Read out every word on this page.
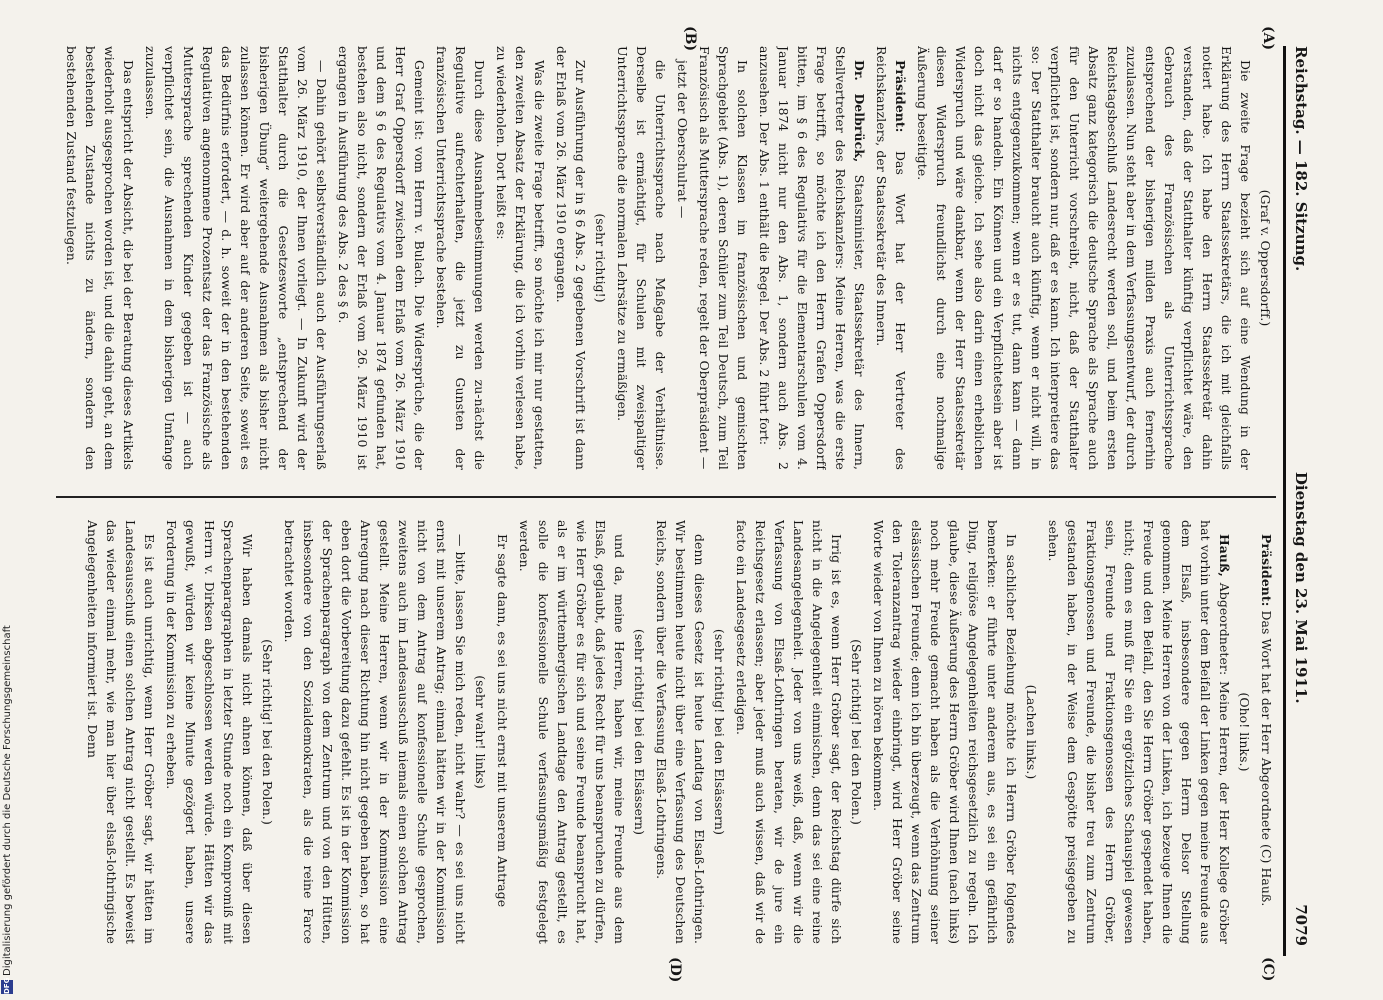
Reichstag. — 182. Sitzung.
Dienstag den 23. Mai 1911.
7079
(A)
(B)
(C)
(D)

(Graf v. Oppersdorff.)

Die zweite Frage bezieht sich auf eine Wendung in der Erklärung des Herrn Staatssekretärs, die ich mit gleichfalls notiert habe. Ich habe den Herrn Staatssekretär dahin verstanden, daß der Statthalter künftig verpflichtet wäre, den Gebrauch des Französischen als Unterrichtssprache entsprechend der bisherigen milden Praxis auch fernerhin zuzulassen. Nun steht aber in dem Verfassungsentwurf, der durch Reichstagsbeschluß Landesrecht werden soll, und beim ersten Absatz ganz kategorisch die deutsche Sprache als Sprache auch für den Unterricht vorschreibt, nicht, daß der Statthalter verpflichtet ist, sondern nur, daß er es kann. Ich interpretiere das so: Der Statthalter braucht auch künftig, wenn er nicht will, in nichts entgegenzukommen; wenn er es tut, dann kann — dann darf er so handeln. Ein Können und ein Verpflichtetsein aber ist doch nicht das gleiche. Ich sehe also darin einen erheblichen Widerspruch und wäre dankbar, wenn der Herr Staatssekretär diesen Widerspruch freundlichst durch eine nochmalige Äußerung beseitigte.

Präsident: Das Wort hat der Herr Vertreter des Reichskanzlers, der Staatssekretär des Innern.

Dr. Delbrück, Staatsminister, Staatssekretär des Innern, Stellvertreter des Reichskanzlers: Meine Herren, was die erste Frage betrifft, so möchte ich den Herrn Grafen Oppersdorff bitten, im § 6 des Regulativs für die Elementarschulen vom 4. Januar 1874 nicht nur den Abs. 1, sondern auch Abs. 2 anzusehen. Der Abs. 1 enthält die Regel. Der Abs. 2 führt fort:

In solchen Klassen im französischen und gemischten Sprachgebiet (Abs. 1), deren Schüler zum Teil Deutsch, zum Teil Französisch als Muttersprache reden, regelt der Oberpräsident —

jetzt der Oberschulrat —

die Unterrichtssprache nach Maßgabe der Verhältnisse. Derselbe ist ermächtigt, für Schulen mit zweispaltiger Unterrichtssprache die normalen Lehrsätze zu ermäßigen.

(sehr richtig!)

Zur Ausführung der in § 6 Abs. 2 gegebenen Vorschrift ist dann der Erlaß vom 26. März 1910 ergangen.

Was die zweite Frage betrifft, so möchte ich mir nur gestatten, den zweiten Absatz der Erklärung, die ich vorhin verlesen habe, zu wiederholen. Dort heißt es:

Durch diese Ausnahmebestimmungen werden zu-nächst die Regulative aufrechterhalten, die jetzt zu Gunsten der französischen Unterrichtssprache bestehen.

Gemeint ist: vom Herrn v. Bulach. Die Widersprüche, die der Herr Graf Oppersdorff zwischen dem Erlaß vom 26. März 1910 und dem § 6 des Regulativs vom 4. Januar 1874 gefunden hat, bestehen also nicht, sondern der Erlaß vom 26. März 1910 ist ergangen in Ausführung des Abs. 2 des § 6.

— Dahin gehört selbstverständlich auch der Ausführungserlaß vom 26. März 1910, der Ihnen vorliegt. — In Zukunft wird der Statthalter durch die Gesetzesworte „entsprechend der bisherigen Übung“ weitergehende Ausnahmen als bisher nicht zulassen können. Er wird aber auf der anderen Seite, soweit es das Bedürfnis erfordert, — d. h. soweit der in den bestehenden Regulativen angenommene Prozentsatz der das Französische als Muttersprache sprechenden Kinder gegeben ist — auch verpflichtet sein, die Ausnahmen in dem bisherigen Umfange zuzulassen.

Das entspricht der Absicht, die bei der Beratung dieses Artikels wiederholt ausgesprochen worden ist, und die dahin geht, an dem bestehenden Zustande nichts zu ändern, sondern den bestehenden Zustand festzulegen.

Präsident: Das Wort hat der Herr Abgeordnete (C) Hauß.

(Oho! links.)

Hauß, Abgeordneter: Meine Herren, der Herr Kollege Gröber hat vorhin unter dem Beifall der Linken gegen meine Freunde aus dem Elsaß, insbesondere gegen Herrn Delsor Stellung genommen. Meine Herren von der Linken, ich bezeuge Ihnen die Freude und den Beifall, den Sie Herrn Gröber gespendet haben, nicht; denn es muß für Sie ein ergötzliches Schauspiel gewesen sein, Freunde und Fraktionsgenossen des Herrn Gröber, Fraktionsgenossen und Freunde, die bisher treu zum Zentrum gestanden haben, in der Weise dem Gespötte preisgegeben zu sehen.

(Lachen links.)

In sachlicher Beziehung möchte ich Herrn Gröber folgendes bemerken: er führte unter anderem aus, es sei ein gefährlich Ding, religiöse Angelegenheiten reichsgesetzlich zu regeln. Ich glaube, diese Äußerung des Herrn Gröber wird Ihnen (nach links) noch mehr Freude gemacht haben als die Verhöhnung seiner elsässischen Freunde; denn ich bin überzeugt, wenn das Zentrum den Toleranzantrag wieder einbringt, wird Herr Gröber seine Worte wieder von Ihnen zu hören bekommen.

(Sehr richtig! bei den Polen.)

Irrig ist es, wenn Herr Gröber sagt, der Reichstag dürfe sich nicht in die Angelegenheit einmischen, denn das sei eine reine Landesangelegenheit. Jeder von uns weiß, daß, wenn wir die Verfassung von Elsaß-Lothringen beraten, wir de jure ein Reichsgesetz erlassen; aber jeder muß auch wissen, daß wir de facto ein Landesgesetz erledigen.

(sehr richtig! bei den Elsässern)

denn dieses Gesetz ist heute Landtag von Elsaß-Lothringen. Wir bestimmen heute nicht über eine Verfassung des Deutschen Reichs, sondern über die Verfassung Elsaß-Lothringens.

(sehr richtig! bei den Elsässern)

und da, meine Herren, haben wir, meine Freunde aus dem Elsaß, geglaubt, daß jedes Recht für uns beanspruchen zu dürfen, wie Herr Gröber es für sich und seine Freunde beansprucht hat, als er im württembergischen Landtage den Antrag gestellt, es solle die konfessionelle Schule verfassungsmäßig festgelegt werden.

Er sagte dann, es sei uns nicht ernst mit unserem Antrage

(sehr wahr! links)

— bitte, lassen Sie mich reden, nicht wahr? — es sei uns nicht ernst mit unserem Antrag; einmal hätten wir in der Kommission nicht von dem Antrag auf konfessionelle Schule gesprochen, zweitens auch im Landesausschuß niemals einen solchen Antrag gestellt. Meine Herren, wenn wir in der Kommission eine Anregung nach dieser Richtung hin nicht gegeben haben, so hat eben dort die Vorbereitung dazu gefehlt. Es ist in der Kommission der Sprachenparagraph von dem Zentrum und von den Hütten, insbesondere von den Sozialdemokraten, als die reine Farce betrachtet worden.

(Sehr richtig! bei den Polen.)

Wir haben damals nicht ahnen können, daß über diesen Sprachenparagraphen in letzter Stunde noch ein Kompromiß mit Herrn v. Dirksen abgeschlossen werden würde. Hätten wir das gewußt, würden wir keine Minute gezögert haben, unsere Forderung in der Kommission zu erheben.

Es ist auch unrichtig, wenn Herr Gröber sagt, wir hätten im Landesausschuß einen solchen Antrag nicht gestellt. Es beweist das wieder einmal mehr, wie man hier über elsaß-lothringische Angelegenheiten informiert ist. Denn

DFGDigitalisierung gefördert durch die Deutsche Forschungsgemeinschaft
